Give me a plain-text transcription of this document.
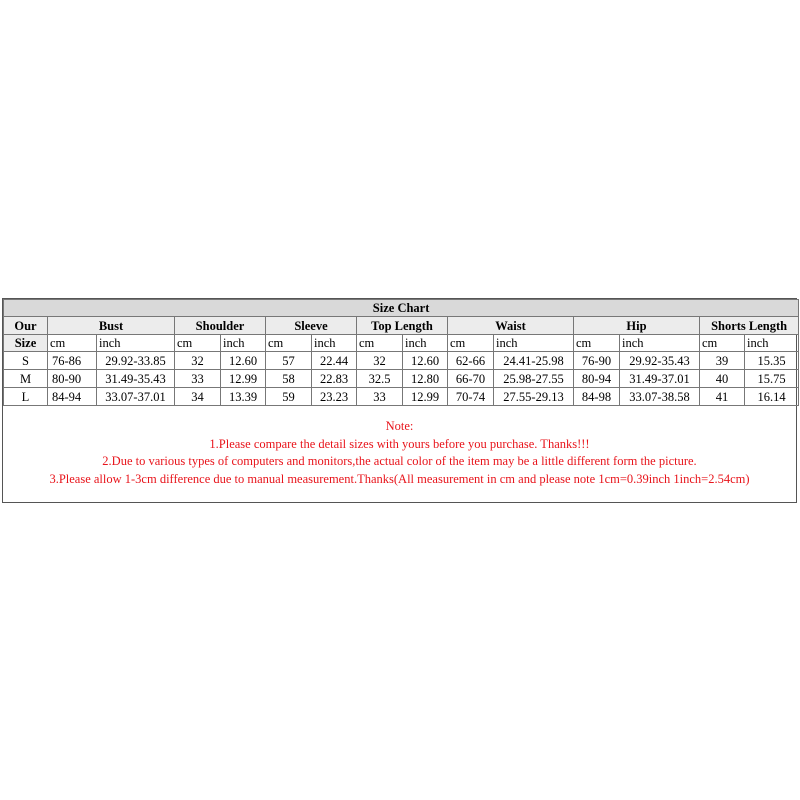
Size Chart														
Our	Bust		Shoulder		Sleeve		Top Length		Waist		Hip		Shorts Length	
Size	cm	inch	cm	inch	cm	inch	cm	inch	cm	inch	cm	inch	cm	inch
S	76-86	29.92-33.85	32	12.60	57	22.44	32	12.60	62-66	24.41-25.98	76-90	29.92-35.43	39	15.35
M	80-90	31.49-35.43	33	12.99	58	22.83	32.5	12.80	66-70	25.98-27.55	80-94	31.49-37.01	40	15.75
L	84-94	33.07-37.01	34	13.39	59	23.23	33	12.99	70-74	27.55-29.13	84-98	33.07-38.58	41	16.14
Note:
1.Please compare the detail sizes with yours before you purchase. Thanks!!!
2.Due to various types of computers and monitors,the actual color of the item may be a little different form the picture.
3.Please allow 1-3cm difference due to manual measurement.Thanks(All measurement in cm and please note 1cm=0.39inch 1inch=2.54cm)
